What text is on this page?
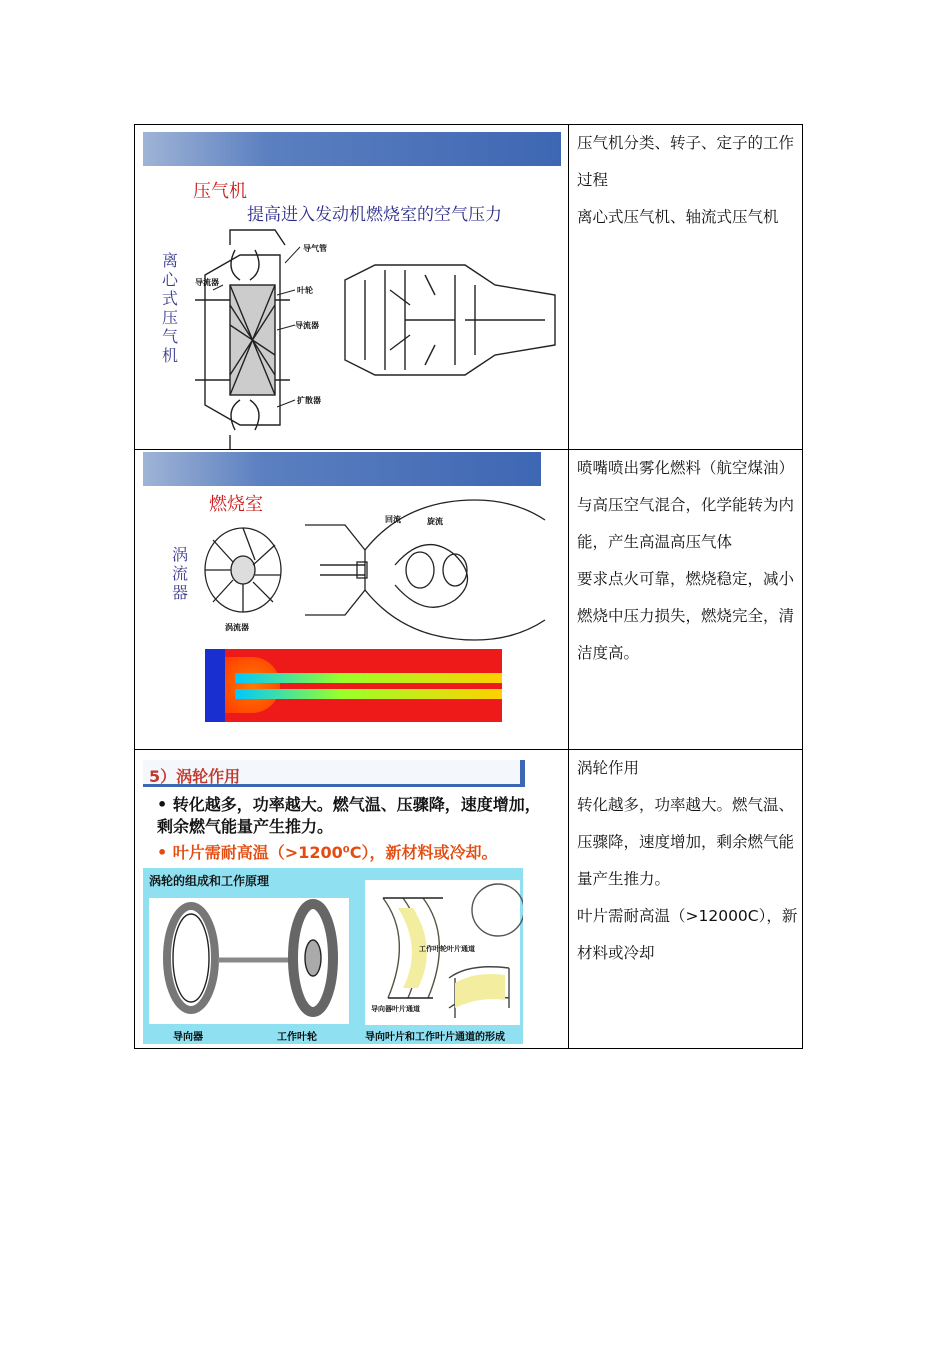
压气机
提高进入发动机燃烧室的空气压力
离心式压气机
导气管
导流器
叶轮
导流器
扩散器

压气机分类、转子、定子的工作过程

离心式压气机、轴流式压气机

燃烧室
涡流器
涡流器
回流	旋流

喷嘴喷出雾化燃料（航空煤油）与高压空气混合，化学能转为内能，产生高温高压气体

要求点火可靠，燃烧稳定，减小燃烧中压力损失，燃烧完全，清洁度高。

5）涡轮作用
• 转化越多，功率越大。燃气温、压骤降，速度增加，剩余燃气能量产生推力。
• 叶片需耐高温（>1200⁰C），新材料或冷却。
涡轮的组成和工作原理
工作叶轮叶片通道
导向器叶片通道
导向器	工作叶轮	导向叶片和工作叶片通道的形成

涡轮作用

转化越多，功率越大。燃气温、压骤降，速度增加，剩余燃气能量产生推力。

叶片需耐高温（>12000C），新材料或冷却
